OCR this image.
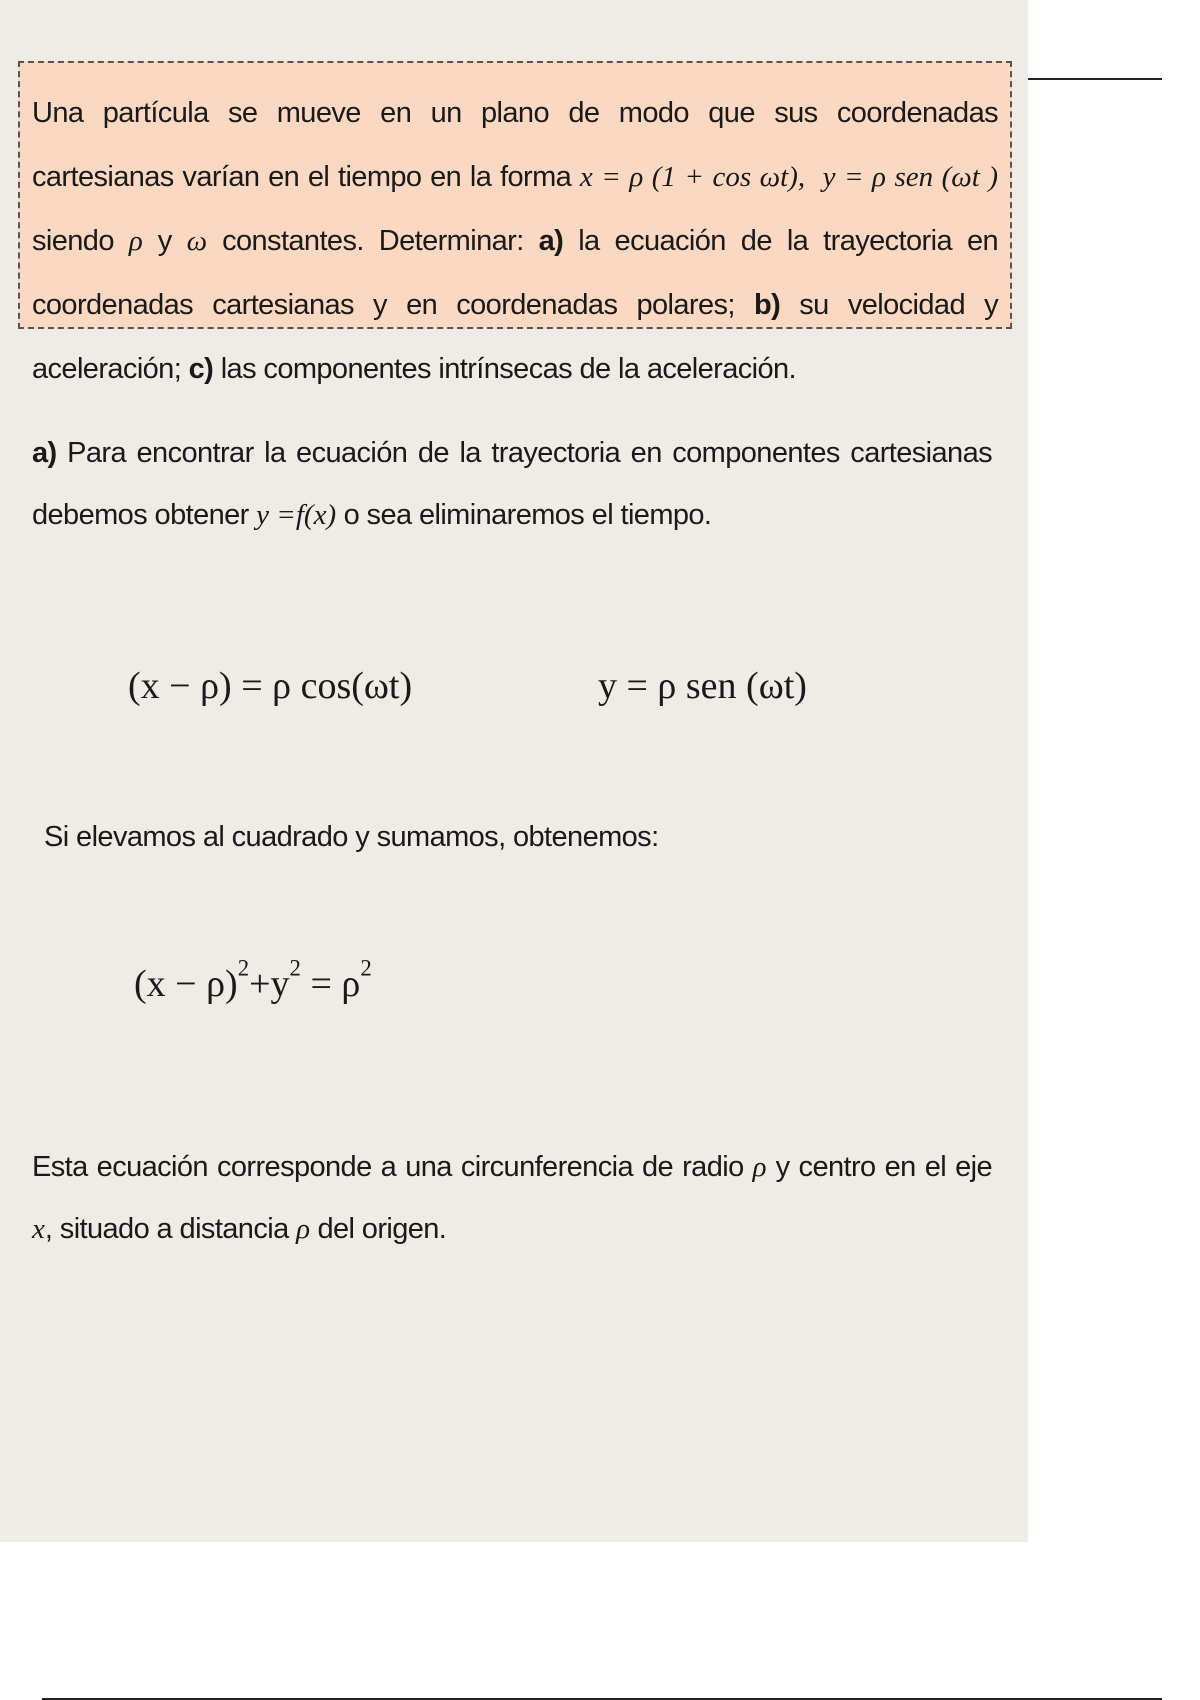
Una partícula se mueve en un plano de modo que sus coordenadas cartesianas varían en el tiempo en la forma x = ρ (1 + cos ωt), y = ρ sen (ωt ) siendo ρ y ω constantes. Determinar: a) la ecuación de la trayectoria en coordenadas cartesianas y en coordenadas polares; b) su velocidad y aceleración; c) las componentes intrínsecas de la aceleración.
a) Para encontrar la ecuación de la trayectoria en componentes cartesianas debemos obtener y =f(x) o sea eliminaremos el tiempo.
(x − ρ) = ρ cos(ωt)	y = ρ sen (ωt)
Si elevamos al cuadrado y sumamos, obtenemos:
$(x - \rho)^2+y^2 = \rho^2$
Esta ecuación corresponde a una circunferencia de radio ρ y centro en el eje x, situado a distancia ρ del origen.
